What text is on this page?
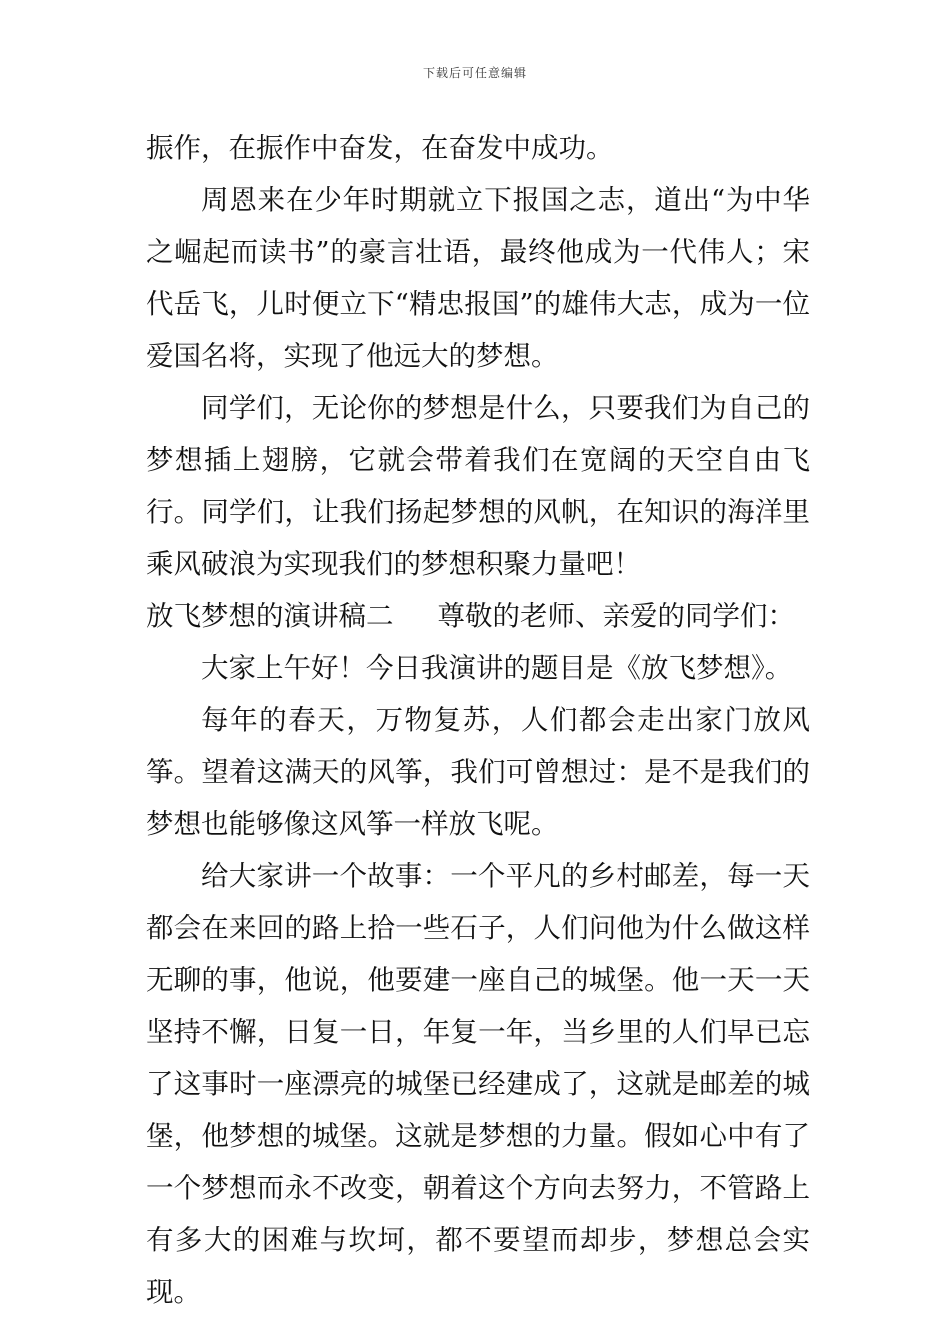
下载后可任意编辑

振作，在振作中奋发，在奋发中成功。

周恩来在少年时期就立下报国之志，道出“为中华之崛起而读书”的豪言壮语，最终他成为一代伟人；宋代岳飞，儿时便立下“精忠报国”的雄伟大志，成为一位爱国名将，实现了他远大的梦想。

同学们，无论你的梦想是什么，只要我们为自己的梦想插上翅膀，它就会带着我们在宽阔的天空自由飞行。同学们，让我们扬起梦想的风帆，在知识的海洋里乘风破浪为实现我们的梦想积聚力量吧！

放飞梦想的演讲稿二 尊敬的老师、亲爱的同学们：

大家上午好！今日我演讲的题目是《放飞梦想》。

每年的春天，万物复苏，人们都会走出家门放风筝。望着这满天的风筝，我们可曾想过：是不是我们的梦想也能够像这风筝一样放飞呢。

给大家讲一个故事：一个平凡的乡村邮差，每一天都会在来回的路上拾一些石子，人们问他为什么做这样无聊的事，他说，他要建一座自己的城堡。他一天一天坚持不懈，日复一日，年复一年，当乡里的人们早已忘了这事时一座漂亮的城堡已经建成了，这就是邮差的城堡，他梦想的城堡。这就是梦想的力量。假如心中有了一个梦想而永不改变，朝着这个方向去努力，不管路上有多大的困难与坎坷，都不要望而却步，梦想总会实现。
